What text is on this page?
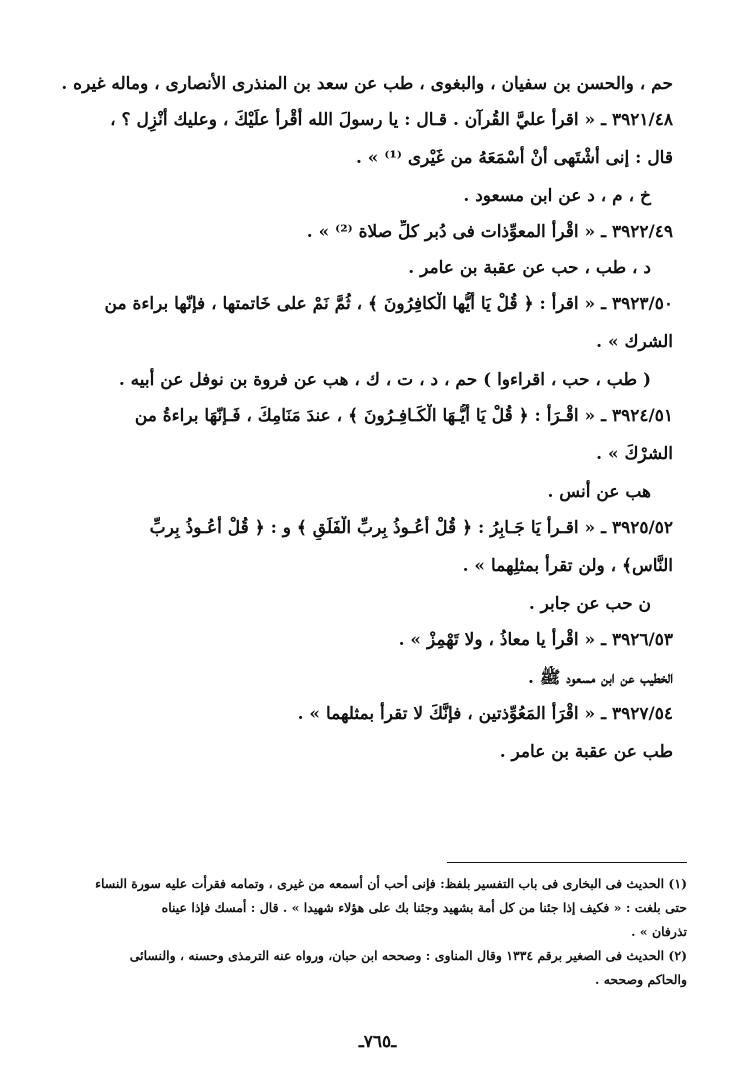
حم ، والحسن بن سفيان ، والبغوى ، طب عن سعد بن المنذرى الأنصارى ، وماله غيره .

٣٩٢١/٤٨ ـ « اقرأ عليَّ القُرآن . قـال : يا رسولَ الله أقْرأُ علَيْكَ ، وعليك أُنْزِل ؟ ،

قال : إنى أشْتَهى أنْ أسْمَعَهُ من غَيْرى ⁽¹⁾ » .

خ ، م ، د عن ابن مسعود .

٣٩٢٢/٤٩ ـ « اقْرأ المعوِّذات فى دُبر كلِّ صلاة ⁽²⁾ » .

د ، طب ، حب عن عقبة بن عامر .

٣٩٢٣/٥٠ ـ « اقرأ : ﴿ قُلْ يَا أَيُّها الْكافِرُونَ ﴾ ، ثُمَّ نَمْ على خَاتمتها ، فإنّها براءة من

الشرك » .

( طب ، حب ، اقراءوا ) حم ، د ، ت ، ك ، هب عن فروة بن نوفل عن أبيه .

٣٩٢٤/٥١ ـ « اقْـرَأْ : ﴿ قُلْ يَا أَيُّـهَا الْكَـافِـرُونَ ﴾ ، عندَ مَنَامِكَ ، فَـإنّهَا براءةُ من

الشرْكَ » .

هب عن أنس .

٣٩٢٥/٥٢ ـ « اقـرأ يَا جَـابِرُ : ﴿ قُلْ أَعُـوذُ بِربِّ الْفَلَقِ ﴾ و : ﴿ قُلْ أَعُـوذُ بِربِّ

النَّاس﴾ ، ولن تقرأ بمثلِهما » .

ن حب عن جابر .

٣٩٢٦/٥٣ ـ « اقْرأْ يا معاذُ ، ولا تَهْمِزْ » .

الخطيب عن ابن مسعود ﷺ .

٣٩٢٧/٥٤ ـ « اقْرَأ المَعُوِّذتين ، فإنَّكَ لا تقرأ بمثلهما » .

طب عن عقبة بن عامر .

(١) الحديث فى البخارى فى باب التفسير بلفظ: فإنى أحب أن أسمعه من غيرى ، وتمامه فقرأت عليه سورة النساء

حتى بلغت : « فكيف إذا جئنا من كل أمة بشهيد وجئنا بك على هؤلاء شهيدا » . قال : أمسك فإذا عيناه

تذرفان » .

(٢) الحديث فى الصغير برقم ١٣٣٤ وقال المناوى : وصححه ابن حبان، ورواه عنه الترمذى وحسنه ، والنسائى

والحاكم وصححه .

ـ٧٦٥ـ
